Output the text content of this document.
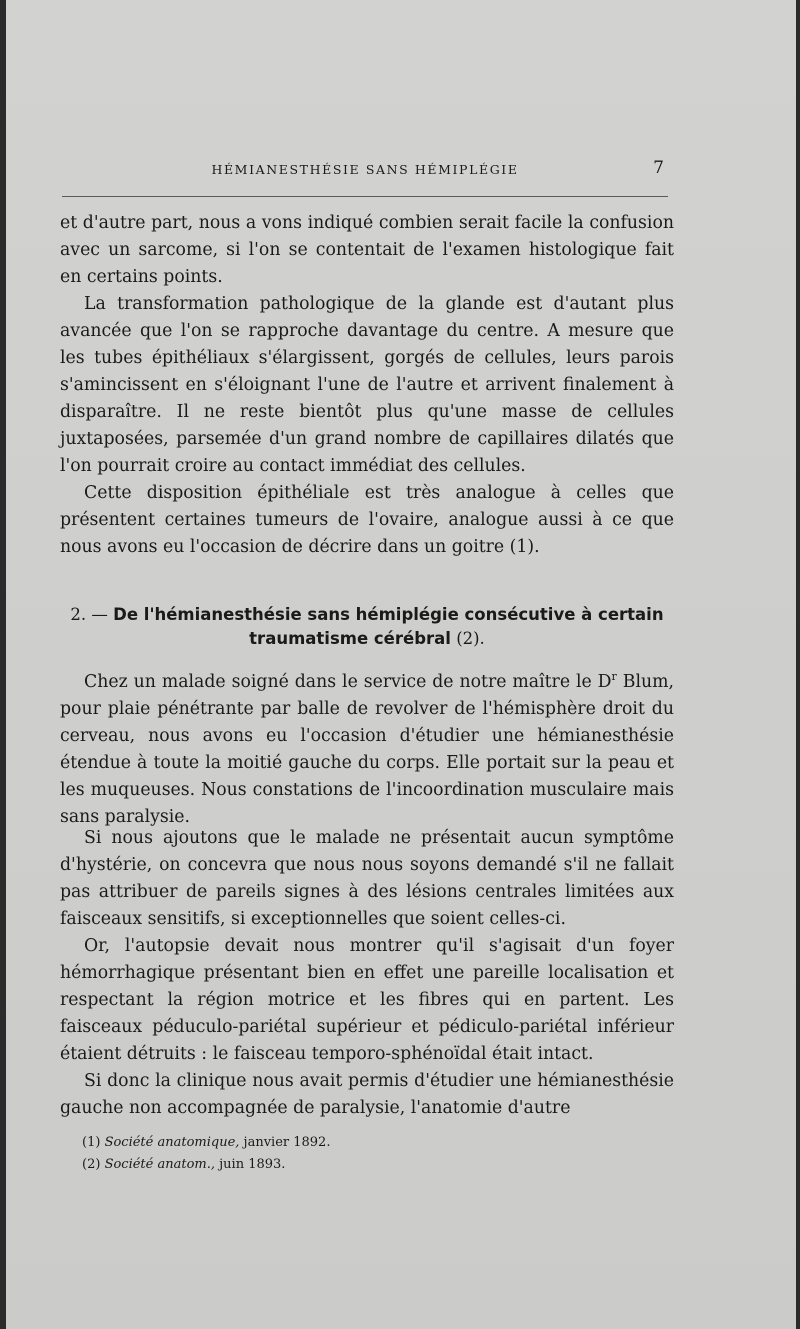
HÉMIANESTHÉSIE SANS HÉMIPLÉGIE	7

et d'autre part, nous a vons indiqué combien serait facile la confusion avec un sarcome, si l'on se contentait de l'examen histologique fait en certains points.

La transformation pathologique de la glande est d'autant plus avancée que l'on se rapproche davantage du centre. A mesure que les tubes épithéliaux s'élargissent, gorgés de cellules, leurs parois s'amincissent en s'éloignant l'une de l'autre et arrivent finalement à disparaître. Il ne reste bientôt plus qu'une masse de cellules juxtaposées, parsemée d'un grand nombre de capillaires dilatés que l'on pourrait croire au contact immédiat des cellules.

Cette disposition épithéliale est très analogue à celles que présentent certaines tumeurs de l'ovaire, analogue aussi à ce que nous avons eu l'occasion de décrire dans un goitre (1).

2. — De l'hémianesthésie sans hémiplégie consécutive à certain traumatisme cérébral (2).

Chez un malade soigné dans le service de notre maître le $D^r$ Blum, pour plaie pénétrante par balle de revolver de l'hémisphère droit du cerveau, nous avons eu l'occasion d'étudier une hémianesthésie étendue à toute la moitié gauche du corps. Elle portait sur la peau et les muqueuses. Nous constations de l'incoordination musculaire mais sans paralysie.

Si nous ajoutons que le malade ne présentait aucun symptôme d'hystérie, on concevra que nous nous soyons demandé s'il ne fallait pas attribuer de pareils signes à des lésions centrales limitées aux faisceaux sensitifs, si exceptionnelles que soient celles-ci.

Or, l'autopsie devait nous montrer qu'il s'agisait d'un foyer hémorrhagique présentant bien en effet une pareille localisation et respectant la région motrice et les fibres qui en partent. Les faisceaux péduculo-pariétal supérieur et pédiculo-pariétal inférieur étaient détruits : le faisceau temporo-sphénoïdal était intact.

Si donc la clinique nous avait permis d'étudier une hémianesthésie gauche non accompagnée de paralysie, l'anatomie d'autre

(1) Société anatomique, janvier 1892.
(2) Société anatom., juin 1893.
